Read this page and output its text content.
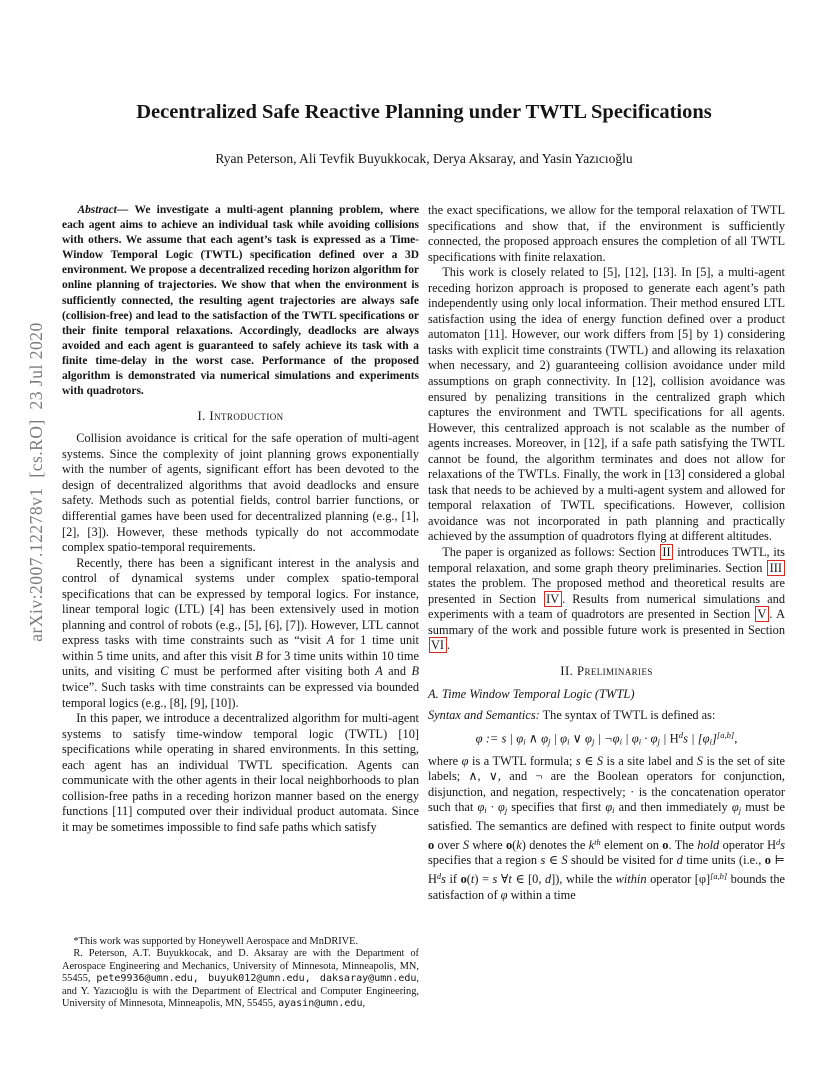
arXiv:2007.12278v1  [cs.RO]  23 Jul 2020
Decentralized Safe Reactive Planning under TWTL Specifications
Ryan Peterson, Ali Tevfik Buyukkocak, Derya Aksaray, and Yasin Yazıcıoğlu

Abstract— We investigate a multi-agent planning problem, where each agent aims to achieve an individual task while avoiding collisions with others. We assume that each agent’s task is expressed as a Time-Window Temporal Logic (TWTL) specification defined over a 3D environment. We propose a decentralized receding horizon algorithm for online planning of trajectories. We show that when the environment is sufficiently connected, the resulting agent trajectories are always safe (collision-free) and lead to the satisfaction of the TWTL specifications or their finite temporal relaxations. Accordingly, deadlocks are always avoided and each agent is guaranteed to safely achieve its task with a finite time-delay in the worst case. Performance of the proposed algorithm is demonstrated via numerical simulations and experiments with quadrotors.

I. Introduction

Collision avoidance is critical for the safe operation of multi-agent systems. Since the complexity of joint planning grows exponentially with the number of agents, significant effort has been devoted to the design of decentralized algorithms that avoid deadlocks and ensure safety. Methods such as potential fields, control barrier functions, or differential games have been used for decentralized planning (e.g., [1], [2], [3]). However, these methods typically do not accommodate complex spatio-temporal requirements.

Recently, there has been a significant interest in the analysis and control of dynamical systems under complex spatio-temporal specifications that can be expressed by temporal logics. For instance, linear temporal logic (LTL) [4] has been extensively used in motion planning and control of robots (e.g., [5], [6], [7]). However, LTL cannot express tasks with time constraints such as “visit A for 1 time unit within 5 time units, and after this visit B for 3 time units within 10 time units, and visiting C must be performed after visiting both A and B twice”. Such tasks with time constraints can be expressed via bounded temporal logics (e.g., [8], [9], [10]).

In this paper, we introduce a decentralized algorithm for multi-agent systems to satisfy time-window temporal logic (TWTL) [10] specifications while operating in shared environments. In this setting, each agent has an individual TWTL specification. Agents can communicate with the other agents in their local neighborhoods to plan collision-free paths in a receding horizon manner based on the energy functions [11] computed over their individual product automata. Since it may be sometimes impossible to find safe paths which satisfy

*This work was supported by Honeywell Aerospace and MnDRIVE.

R. Peterson, A.T. Buyukkocak, and D. Aksaray are with the Department of Aerospace Engineering and Mechanics, University of Minnesota, Minneapolis, MN, 55455, pete9936@umn.edu, buyuk012@umn.edu, daksaray@umn.edu, and Y. Yazıcıoğlu is with the Department of Electrical and Computer Engineering, University of Minnesota, Minneapolis, MN, 55455, ayasin@umn.edu,

the exact specifications, we allow for the temporal relaxation of TWTL specifications and show that, if the environment is sufficiently connected, the proposed approach ensures the completion of all TWTL specifications with finite relaxation.

This work is closely related to [5], [12], [13]. In [5], a multi-agent receding horizon approach is proposed to generate each agent’s path independently using only local information. Their method ensured LTL satisfaction using the idea of energy function defined over a product automaton [11]. However, our work differs from [5] by 1) considering tasks with explicit time constraints (TWTL) and allowing its relaxation when necessary, and 2) guaranteeing collision avoidance under mild assumptions on graph connectivity. In [12], collision avoidance was ensured by penalizing transitions in the centralized graph which captures the environment and TWTL specifications for all agents. However, this centralized approach is not scalable as the number of agents increases. Moreover, in [12], if a safe path satisfying the TWTL cannot be found, the algorithm terminates and does not allow for relaxations of the TWTLs. Finally, the work in [13] considered a global task that needs to be achieved by a multi-agent system and allowed for temporal relaxation of TWTL specifications. However, collision avoidance was not incorporated in path planning and practically achieved by the assumption of quadrotors flying at different altitudes.

The paper is organized as follows: Section II introduces TWTL, its temporal relaxation, and some graph theory preliminaries. Section III states the problem. The proposed method and theoretical results are presented in Section IV . Results from numerical simulations and experiments with a team of quadrotors are presented in Section V . A summary of the work and possible future work is presented in Section VI .

II. Preliminaries
A. Time Window Temporal Logic (TWTL)

Syntax and Semantics: The syntax of TWTL is defined as:

φ := s | φi ∧ φj | φi ∨ φj | ¬φi | φi · φj | $H^ds$ | [φi][a,b],

where φ is a TWTL formula; s ∈ S is a site label and S is the set of site labels; ∧, ∨, and ¬ are the Boolean operators for conjunction, disjunction, and negation, respectively; · is the concatenation operator such that φi · φj specifies that first φi and then immediately φj must be satisfied. The semantics are defined with respect to finite output words o over S where o(k) denotes the $k^{th}$ element on o. The hold operator $H^ds$ specifies that a region s ∈ S should be visited for d time units (i.e., o ⊨ $H^ds$ if o(t) = s ∀t ∈ [0, d]), while the within operator [φ][a,b] bounds the satisfaction of φ within a time
